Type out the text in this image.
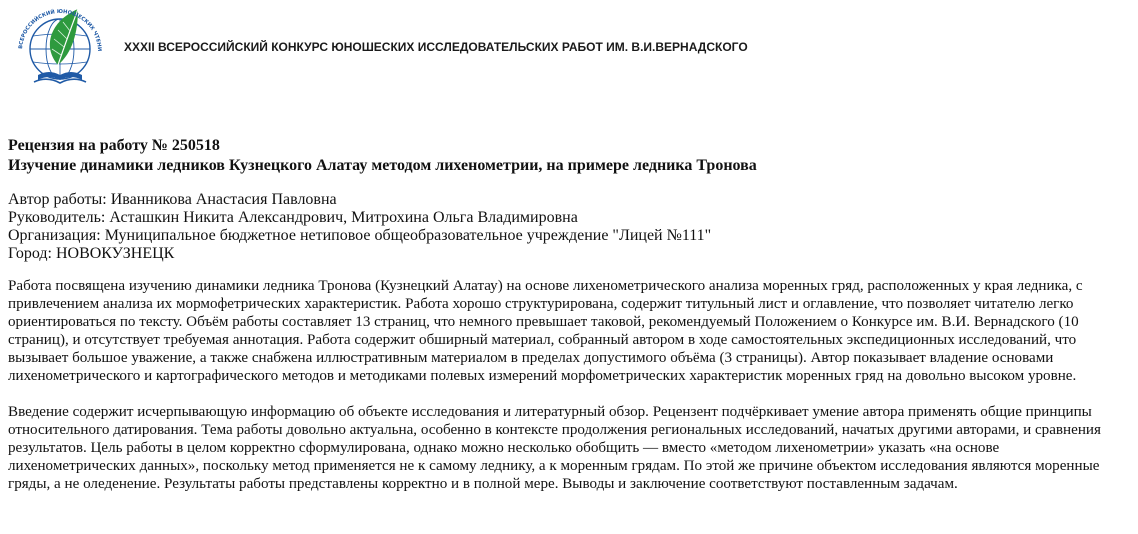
ВСЕРОССИЙСКИЙ ЮНОШЕСКИХ ЧТЕНИ XXXII ВСЕРОССИЙСКИЙ КОНКУРС ЮНОШЕСКИХ ИССЛЕДОВАТЕЛЬСКИХ РАБОТ ИМ. В.И.ВЕРНАДСКОГО
Рецензия на работу № 250518
Изучение динамики ледников Кузнецкого Алатау методом лихенометрии, на примере ледника Тронова
Автор работы: Иванникова Анастасия Павловна
Руководитель: Асташкин Никита Александрович, Митрохина Ольга Владимировна
Организация: Муниципальное бюджетное нетиповое общеобразовательное учреждение "Лицей №111"
Город: НОВОКУЗНЕЦК

Работа посвящена изучению динамики ледника Тронова (Кузнецкий Алатау) на основе лихенометрического анализа моренных гряд, расположенных у края ледника, с привлечением анализа их мормофетрических характеристик. Работа хорошо структурирована, содержит титульный лист и оглавление, что позволяет читателю легко ориентироваться по тексту. Объём работы составляет 13 страниц, что немного превышает таковой, рекомендуемый Положением о Конкурсе им. В.И. Вернадского (10 страниц), и отсутствует требуемая аннотация. Работа содержит обширный материал, собранный автором в ходе самостоятельных экспедиционных исследований, что вызывает большое уважение, а также снабжена иллюстративным материалом в пределах допустимого объёма (3 страницы). Автор показывает владение основами лихенометрического и картографического методов и методиками полевых измерений морфометрических характеристик моренных гряд на довольно высоком уровне.

Введение содержит исчерпывающую информацию об объекте исследования и литературный обзор. Рецензент подчёркивает умение автора применять общие принципы относительного датирования. Тема работы довольно актуальна, особенно в контексте продолжения региональных исследований, начатых другими авторами, и сравнения результатов. Цель работы в целом корректно сформулирована, однако можно несколько обобщить — вместо «методом лихенометрии» указать «на основе лихенометрических данных», поскольку метод применяется не к самому леднику, а к моренным грядам. По этой же причине объектом исследования являются моренные гряды, а не оледенение. Результаты работы представлены корректно и в полной мере. Выводы и заключение соответствуют поставленным задачам.
